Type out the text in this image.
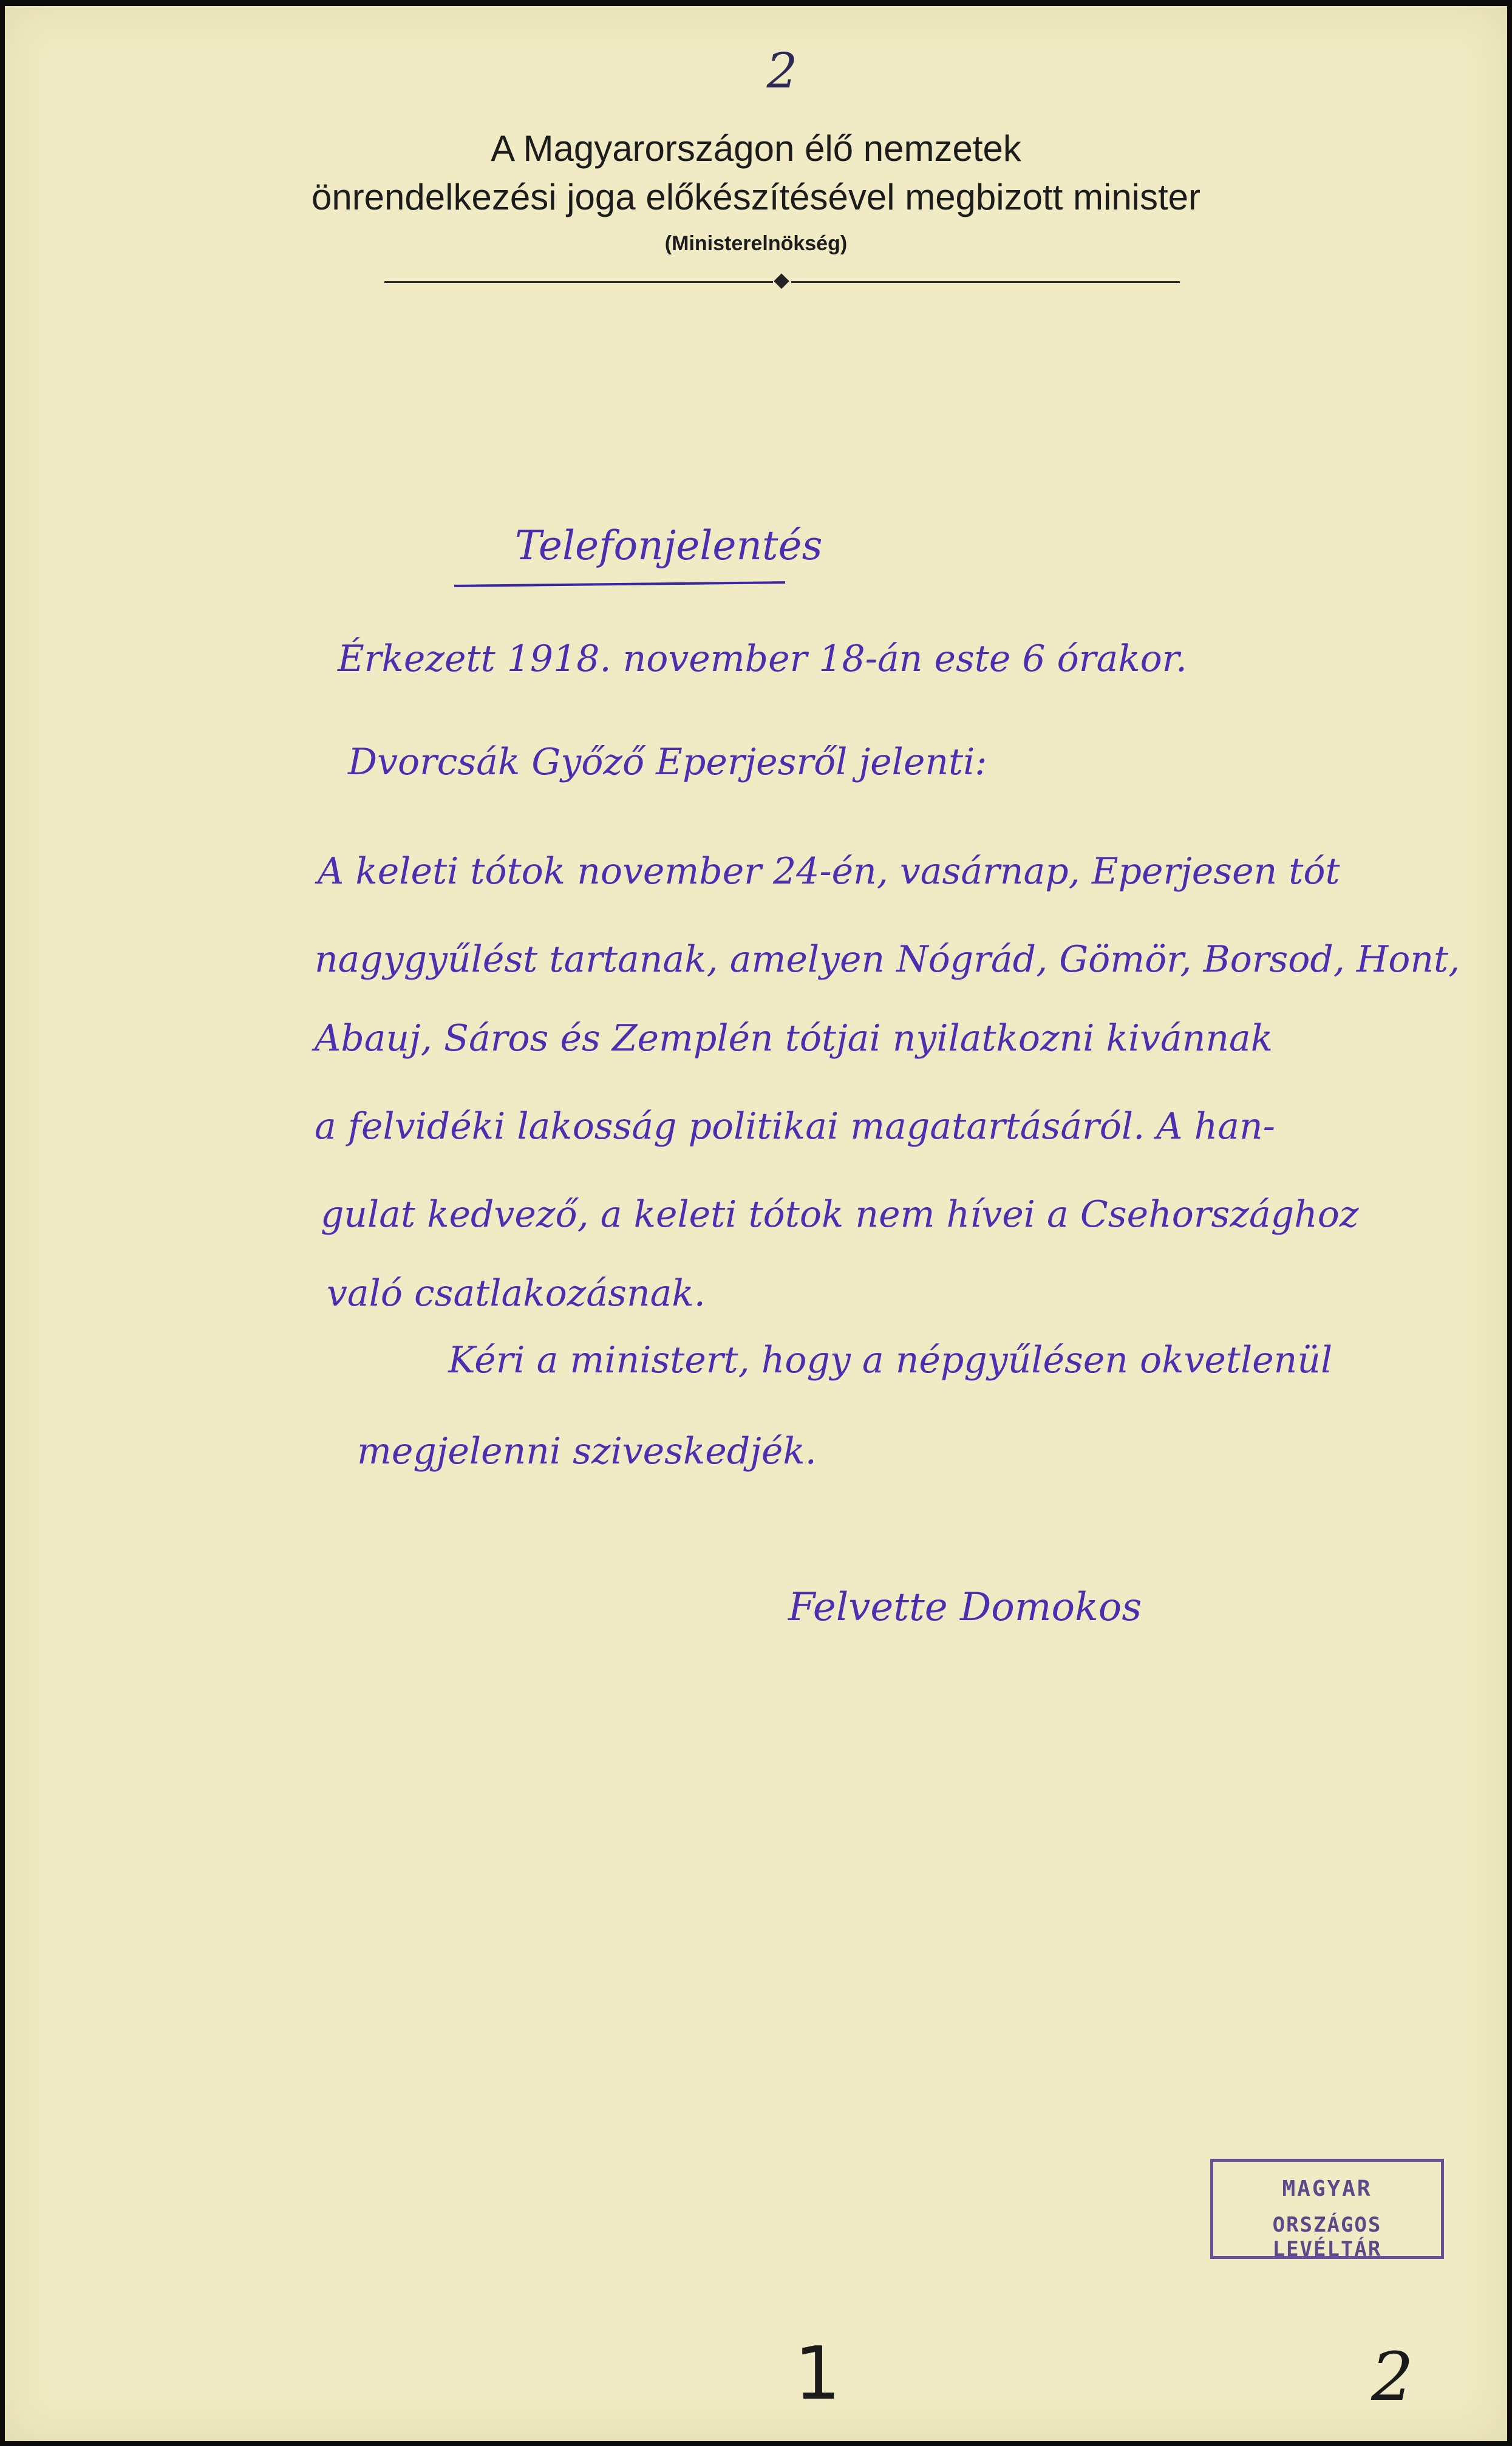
2
A Magyarországon élő nemzetek
önrendelkezési joga előkészítésével megbizott minister
(Ministerelnökség)
Telefonjelentés
Érkezett 1918. november 18-án este 6 órakor.
Dvorcsák Győző Eperjesről jelenti:
A keleti tótok november 24-én, vasárnap, Eperjesen tót
nagygyűlést tartanak, amelyen Nógrád, Gömör, Borsod, Hont,
Abauj, Sáros és Zemplén tótjai nyilatkozni kivánnak
a felvidéki lakosság politikai magatartásáról. A han-
gulat kedvező, a keleti tótok nem hívei a Csehországhoz
való csatlakozásnak.
Kéri a ministert, hogy a népgyűlésen okvetlenül
megjelenni sziveskedjék.
Felvette Domokos
MAGYAR
ORSZÁGOS LEVÉLTÁR
1	2
